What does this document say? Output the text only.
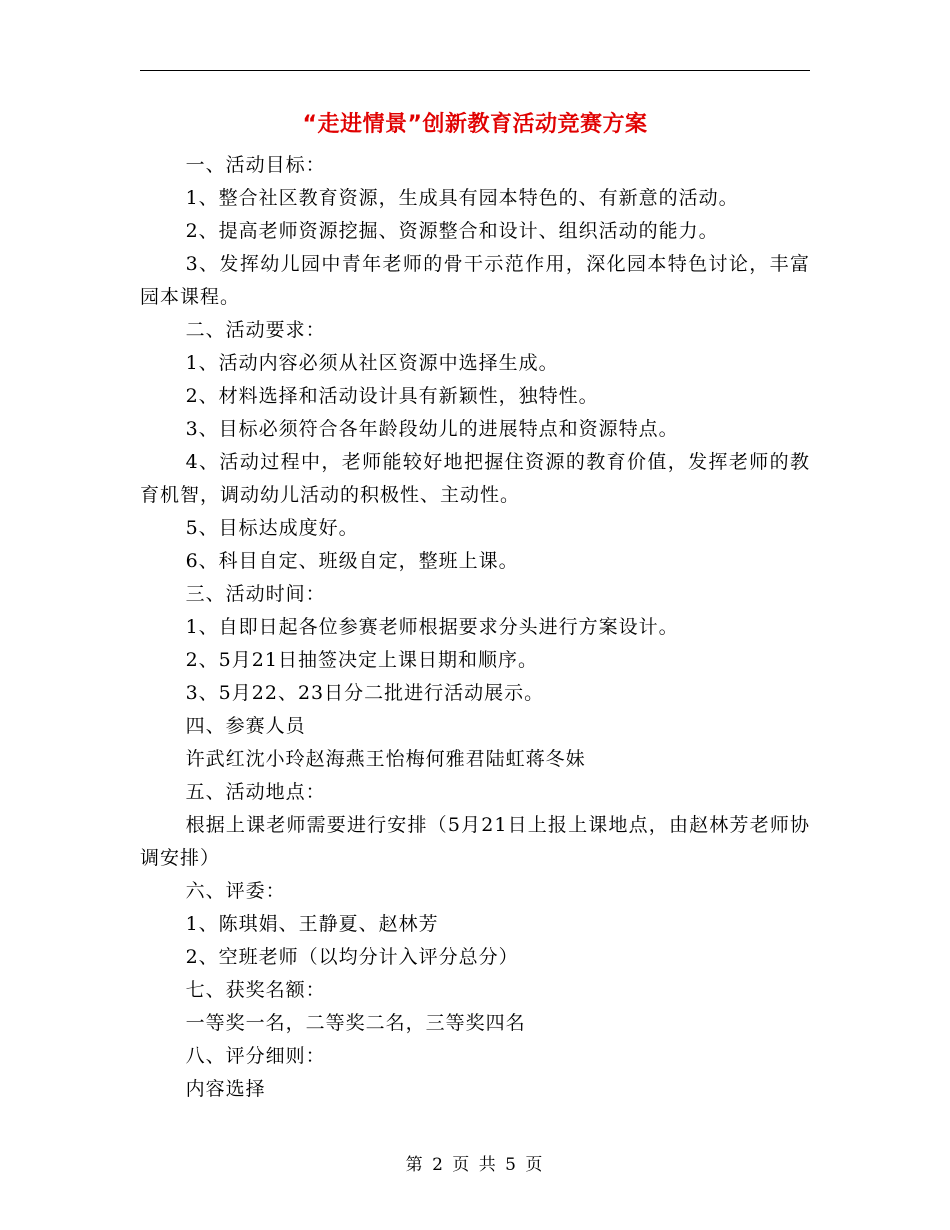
“走进情景”创新教育活动竞赛方案

一、活动目标：

1、整合社区教育资源，生成具有园本特色的、有新意的活动。

2、提高老师资源挖掘、资源整合和设计、组织活动的能力。

3、发挥幼儿园中青年老师的骨干示范作用，深化园本特色讨论，丰富园本课程。

二、活动要求：

1、活动内容必须从社区资源中选择生成。

2、材料选择和活动设计具有新颖性，独特性。

3、目标必须符合各年龄段幼儿的进展特点和资源特点。

4、活动过程中，老师能较好地把握住资源的教育价值，发挥老师的教育机智，调动幼儿活动的积极性、主动性。

5、目标达成度好。

6、科目自定、班级自定，整班上课。

三、活动时间：

1、自即日起各位参赛老师根据要求分头进行方案设计。

2、5月21日抽签决定上课日期和顺序。

3、5月22、23日分二批进行活动展示。

四、参赛人员

许武红沈小玲赵海燕王怡梅何雅君陆虹蒋冬妹

五、活动地点：

根据上课老师需要进行安排（5月21日上报上课地点，由赵林芳老师协调安排）

六、评委：

1、陈琪娟、王静夏、赵林芳

2、空班老师（以均分计入评分总分）

七、获奖名额：

一等奖一名，二等奖二名，三等奖四名

八、评分细则：

内容选择

第 2 页 共 5 页
